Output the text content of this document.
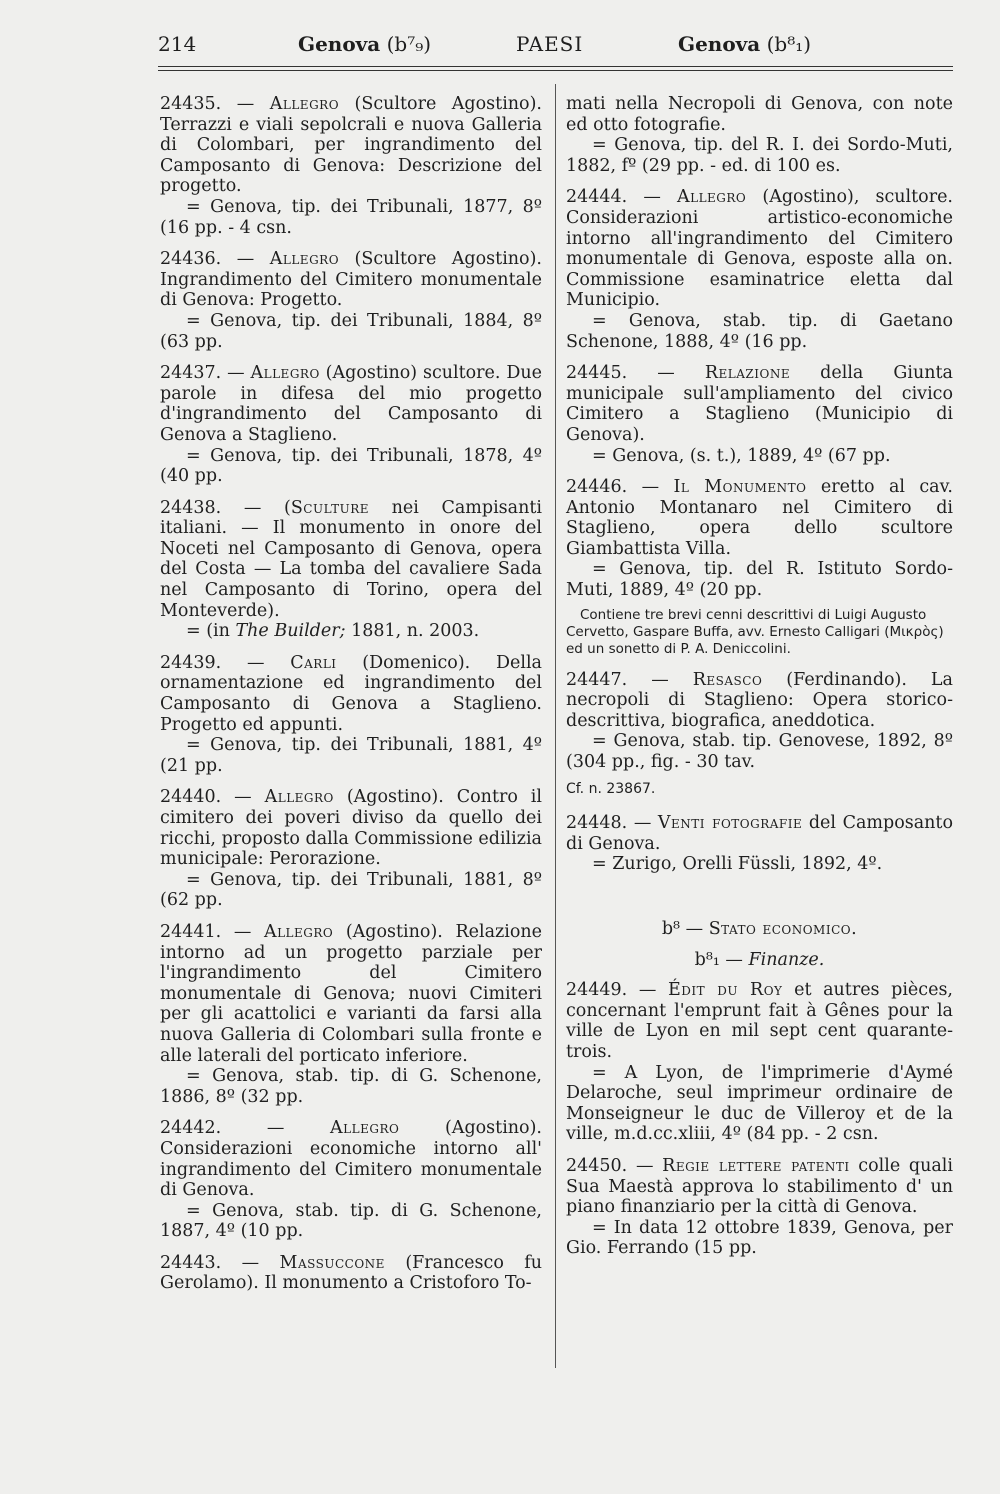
214	Genova (b⁷₉)	PAESI	Genova (b⁸₁)

24435. — Allegro (Scultore Agostino). Terrazzi e viali sepolcrali e nuova Galleria di Colombari, per ingrandimento del Camposanto di Genova: Descrizione del progetto.

= Genova, tip. dei Tribunali, 1877, 8º (16 pp. - 4 csn.

24436. — Allegro (Scultore Agostino). Ingrandimento del Cimitero monumentale di Genova: Progetto.

= Genova, tip. dei Tribunali, 1884, 8º (63 pp.

24437. — Allegro (Agostino) scultore. Due parole in difesa del mio progetto d'ingrandimento del Camposanto di Genova a Staglieno.

= Genova, tip. dei Tribunali, 1878, 4º (40 pp.

24438. — (Sculture nei Campisanti italiani. — Il monumento in onore del Noceti nel Camposanto di Genova, opera del Costa — La tomba del cavaliere Sada nel Camposanto di Torino, opera del Monteverde).

= (in The Builder; 1881, n. 2003.

24439. — Carli (Domenico). Della ornamentazione ed ingrandimento del Camposanto di Genova a Staglieno. Progetto ed appunti.

= Genova, tip. dei Tribunali, 1881, 4º (21 pp.

24440. — Allegro (Agostino). Contro il cimitero dei poveri diviso da quello dei ricchi, proposto dalla Commissione edilizia municipale: Perorazione.

= Genova, tip. dei Tribunali, 1881, 8º (62 pp.

24441. — Allegro (Agostino). Relazione intorno ad un progetto parziale per l'ingrandimento del Cimitero monumentale di Genova; nuovi Cimiteri per gli acattolici e varianti da farsi alla nuova Galleria di Colombari sulla fronte e alle laterali del porticato inferiore.

= Genova, stab. tip. di G. Schenone, 1886, 8º (32 pp.

24442. — Allegro (Agostino). Considerazioni economiche intorno all' ingrandimento del Cimitero monumentale di Genova.

= Genova, stab. tip. di G. Schenone, 1887, 4º (10 pp.

24443. — Massuccone (Francesco fu Gerolamo). Il monumento a Cristoforo To-

mati nella Necropoli di Genova, con note ed otto fotografie.

= Genova, tip. del R. I. dei Sordo-Muti, 1882, fº (29 pp. - ed. di 100 es.

24444. — Allegro (Agostino), scultore. Considerazioni artistico-economiche intorno all'ingrandimento del Cimitero monumentale di Genova, esposte alla on. Commissione esaminatrice eletta dal Municipio.

= Genova, stab. tip. di Gaetano Schenone, 1888, 4º (16 pp.

24445. — Relazione della Giunta municipale sull'ampliamento del civico Cimitero a Staglieno (Municipio di Genova).

= Genova, (s. t.), 1889, 4º (67 pp.

24446. — Il Monumento eretto al cav. Antonio Montanaro nel Cimitero di Staglieno, opera dello scultore Giambattista Villa.

= Genova, tip. del R. Istituto Sordo-Muti, 1889, 4º (20 pp.

Contiene tre brevi cenni descrittivi di Luigi Augusto Cervetto, Gaspare Buffa, avv. Ernesto Calligari (Μικρὸς) ed un sonetto di P. A. Deniccolini.

24447. — Resasco (Ferdinando). La necropoli di Staglieno: Opera storico-descrittiva, biografica, aneddotica.

= Genova, stab. tip. Genovese, 1892, 8º (304 pp., fig. - 30 tav.

Cf. n. 23867.

24448. — Venti fotografie del Camposanto di Genova.

= Zurigo, Orelli Füssli, 1892, 4º.

b⁸ — Stato economico.

b⁸₁ — Finanze.

24449. — Édit du Roy et autres pièces, concernant l'emprunt fait à Gênes pour la ville de Lyon en mil sept cent quarante-trois.

= A Lyon, de l'imprimerie d'Aymé Delaroche, seul imprimeur ordinaire de Monseigneur le duc de Villeroy et de la ville, m.d.cc.xliii, 4º (84 pp. - 2 csn.

24450. — Regie lettere patenti colle quali Sua Maestà approva lo stabilimento d' un piano finanziario per la città di Genova.

= In data 12 ottobre 1839, Genova, per Gio. Ferrando (15 pp.
